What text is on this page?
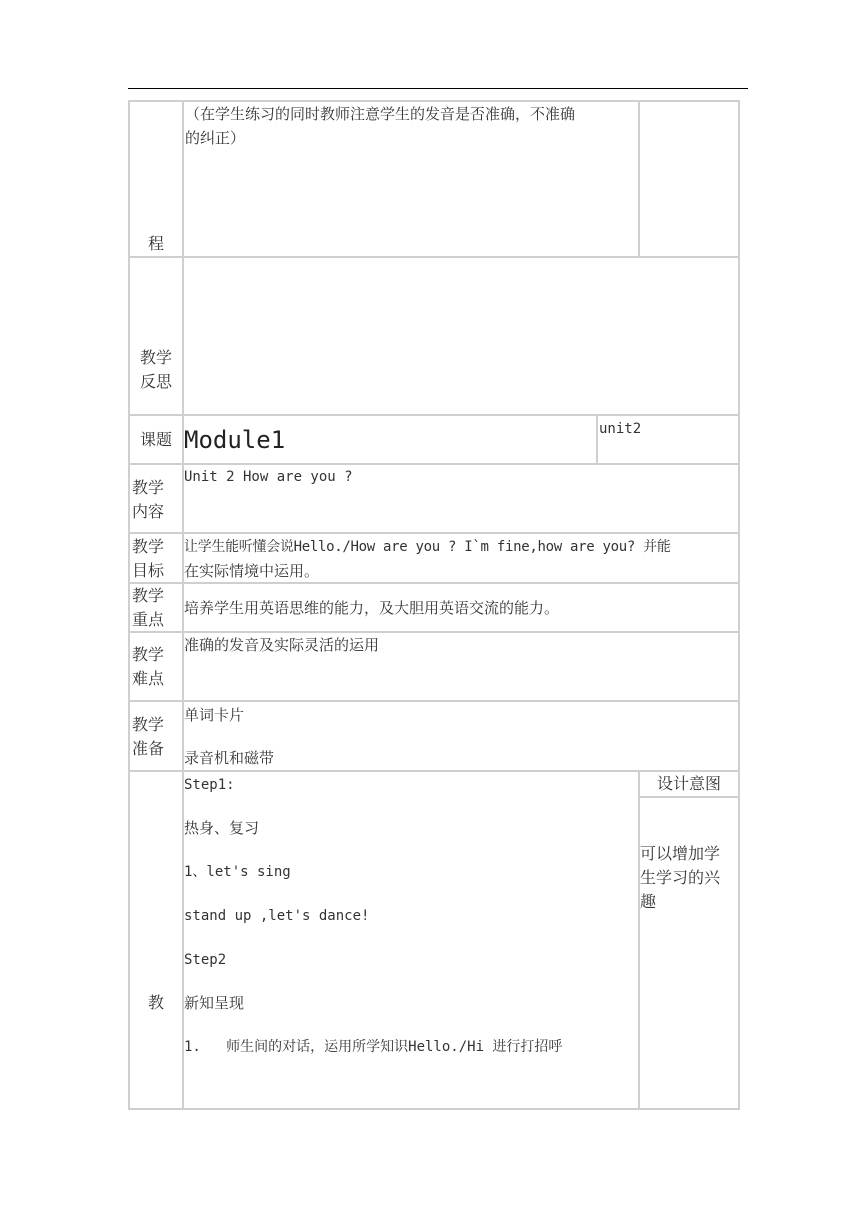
程
（在学生练习的同时教师注意学生的发音是否准确，不准确
的纠正）
教学
反思
课题 Module1	unit2
教学
内容
Unit 2 How are you ?
教学
目标
让学生能听懂会说Hello./How are you ? I`m fine,how are you? 并能
在实际情境中运用。
教学
重点
培养学生用英语思维的能力，及大胆用英语交流的能力。
教学
难点
准确的发音及实际灵活的运用
教学
准备
单词卡片
录音机和磁带
教
设计意图
可以增加学
生学习的兴
趣
Step1:
热身、复习
1、let's sing
stand up ,let's dance!
Step2
新知呈现
1.   师生间的对话，运用所学知识Hello./Hi 进行打招呼
